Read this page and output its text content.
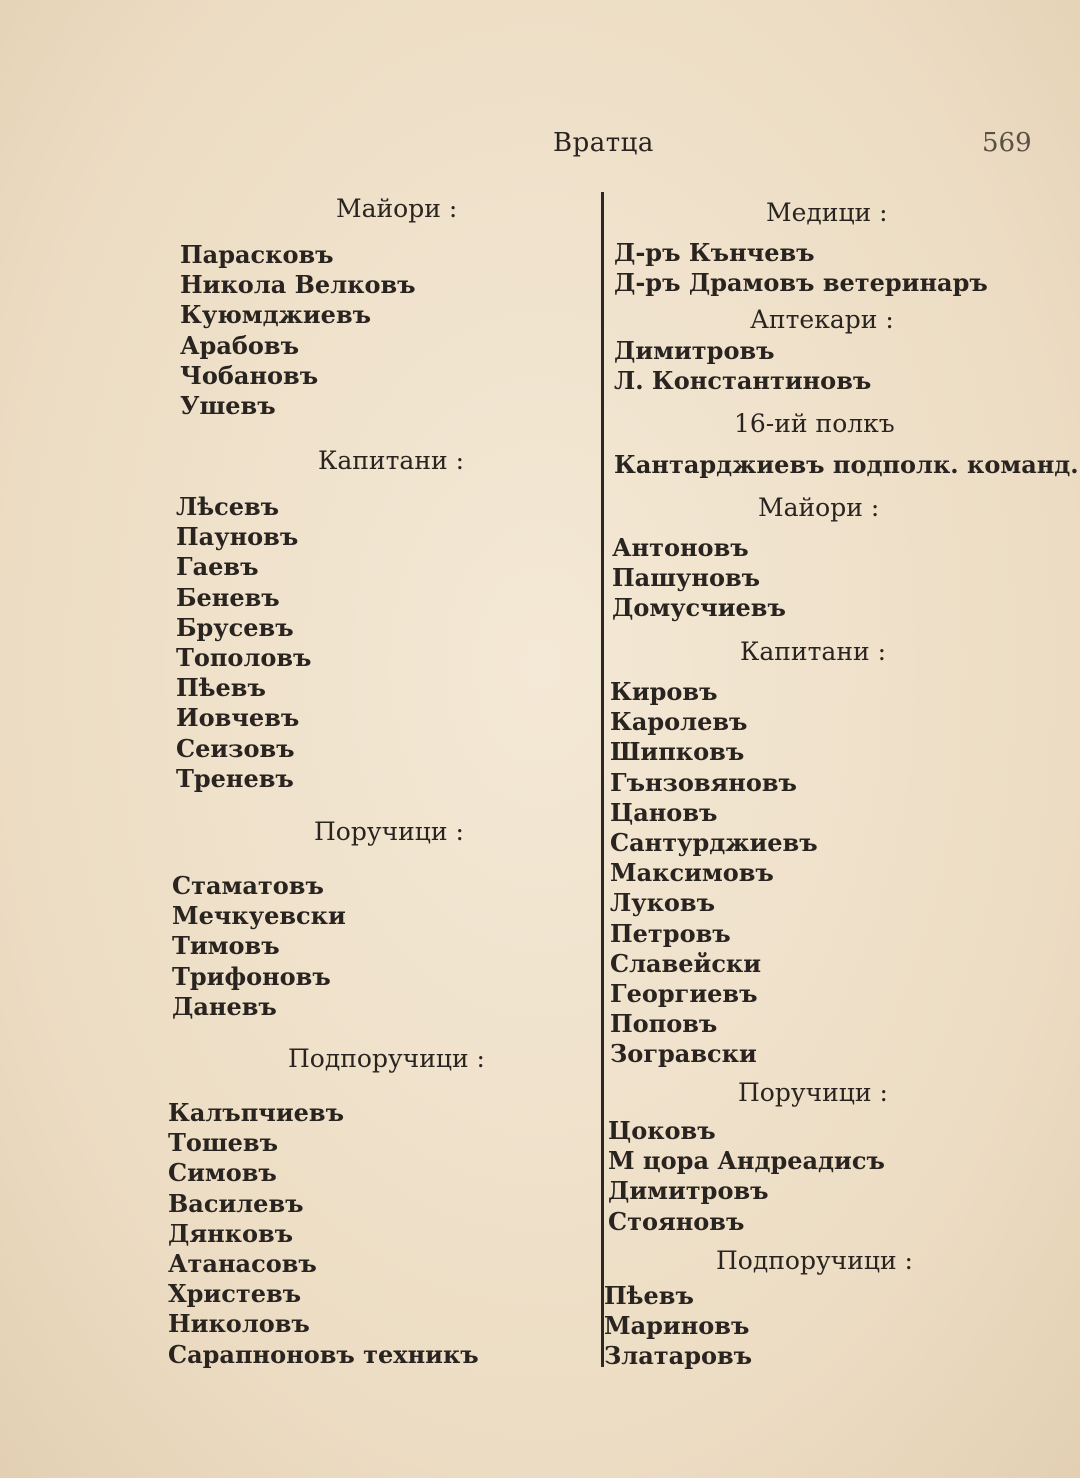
Вратца	569
Майори :
Парасковъ
Никола Велковъ
Куюмджиевъ
Арабовъ
Чобановъ
Ушевъ
Капитани :
Лѣсевъ
Пауновъ
Гаевъ
Беневъ
Брусевъ
Тополовъ
Пѣевъ
Иовчевъ
Сеизовъ
Треневъ
Поручици :
Стаматовъ
Мечкуевски
Тимовъ
Трифоновъ
Даневъ
Подпоручици :
Калъпчиевъ
Тошевъ
Симовъ
Василевъ
Дянковъ
Атанасовъ
Христевъ
Николовъ
Сарапноновъ техникъ
Медици :
Д-ръ Кънчевъ
Д-ръ Драмовъ ветеринаръ
Аптекари :
Димитровъ
Л. Константиновъ
16-ий полкъ
Кантарджиевъ подполк. команд.
Майори :
Антоновъ
Пашуновъ
Домусчиевъ
Капитани :
Кировъ
Каролевъ
Шипковъ
Гънзовяновъ
Цановъ
Сантурджиевъ
Максимовъ
Луковъ
Петровъ
Славейски
Георгиевъ
Поповъ
Зогравски
Поручици :
Цоковъ
М цора Андреадисъ
Димитровъ
Стояновъ
Подпоручици :
Пѣевъ
Мариновъ
Златаровъ
